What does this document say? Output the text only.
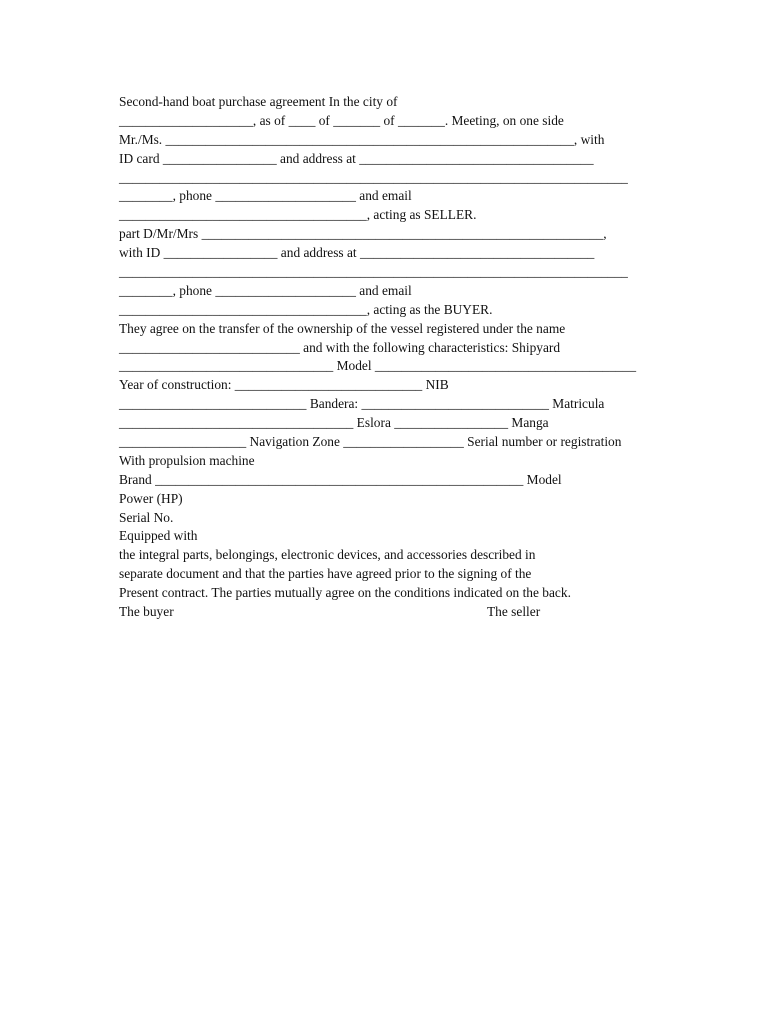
Second-hand boat purchase agreement In the city of
____________________, as of ____ of _______ of _______. Meeting, on one side
Mr./Ms. _____________________________________________________________, with
ID card _________________ and address at ___________________________________
____________________________________________________________________________
________, phone _____________________ and email
_____________________________________, acting as SELLER.
part D/Mr/Mrs ____________________________________________________________,
with ID _________________ and address at ___________________________________
____________________________________________________________________________
________, phone _____________________ and email
_____________________________________, acting as the BUYER.
They agree on the transfer of the ownership of the vessel registered under the name
___________________________ and with the following characteristics: Shipyard
________________________________ Model _______________________________________
Year of construction: ____________________________ NIB
____________________________ Bandera: ____________________________ Matricula
___________________________________ Eslora _________________ Manga
___________________ Navigation Zone __________________ Serial number or registration
With propulsion machine
Brand _______________________________________________________ Model
Power (HP)
Serial No.
Equipped with
the integral parts, belongings, electronic devices, and accessories described in
separate document and that the parties have agreed prior to the signing of the
Present contract. The parties mutually agree on the conditions indicated on the back.
The buyer	The seller
